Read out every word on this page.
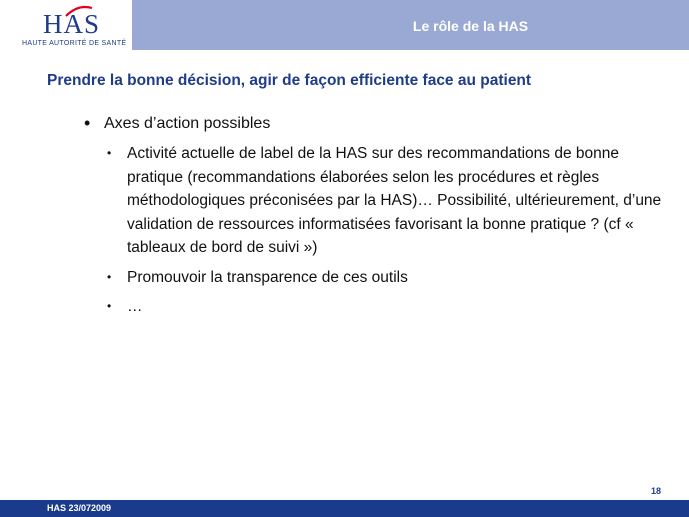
HAS
HAUTE AUTORITÉ DE SANTÉ
Le rôle de la HAS
Prendre la bonne décision, agir de façon efficiente face au patient
• Axes d’action possibles
• Activité actuelle de label de la HAS sur des recommandations de bonne pratique (recommandations élaborées selon les procédures et règles méthodologiques préconisées par la HAS)… Possibilité, ultérieurement, d’une validation de ressources informatisées favorisant la bonne pratique ? (cf « tableaux de bord de suivi »)
• Promouvoir la transparence de ces outils
• …
HAS 23/072009
18
